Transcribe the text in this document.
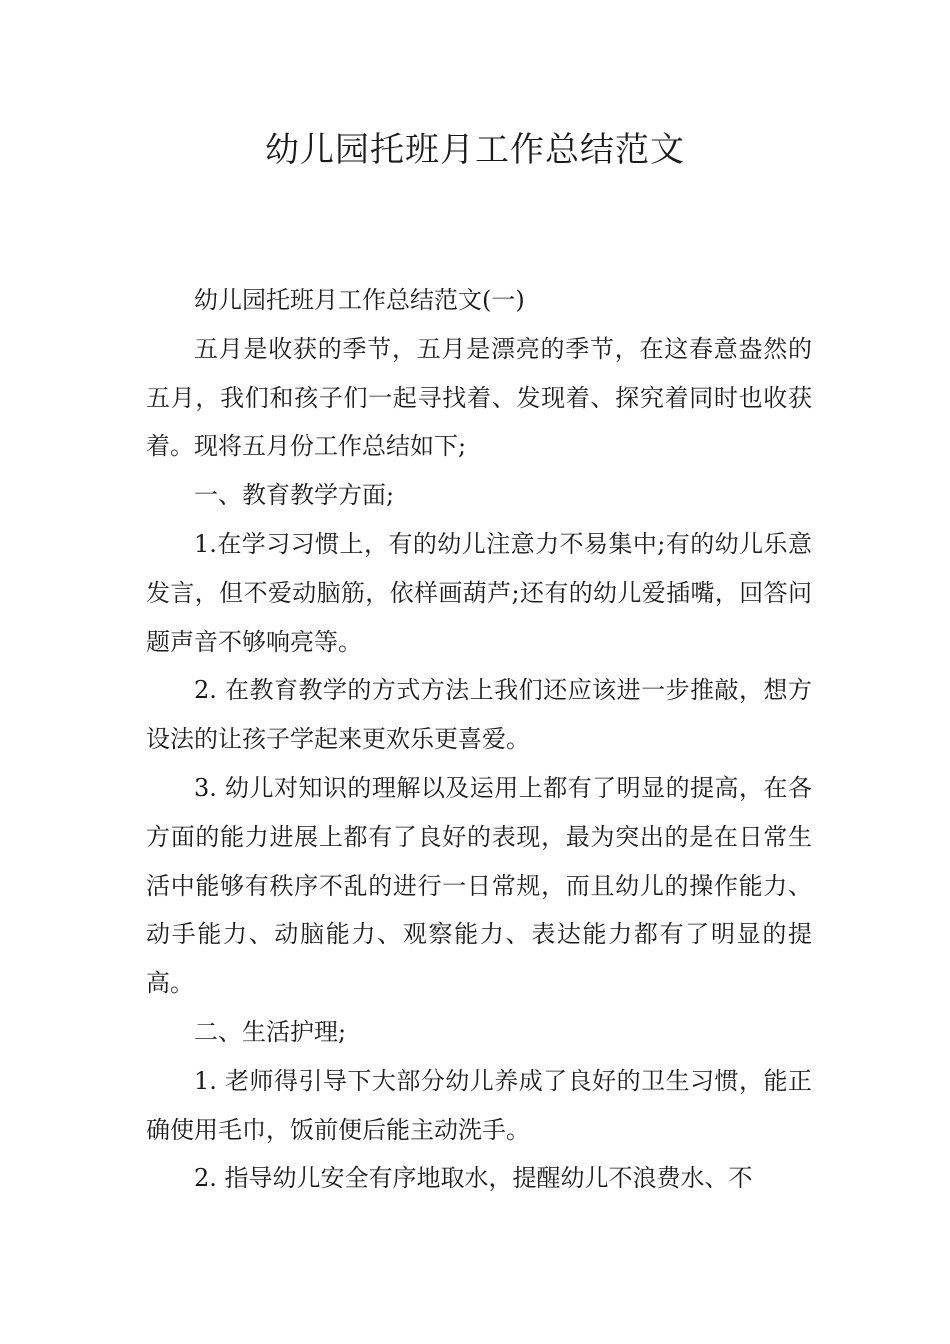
幼儿园托班月工作总结范文

幼儿园托班月工作总结范文(一)

五月是收获的季节，五月是漂亮的季节，在这春意盎然的五月，我们和孩子们一起寻找着、发现着、探究着同时也收获着。现将五月份工作总结如下;

一、教育教学方面;

1.在学习习惯上，有的幼儿注意力不易集中;有的幼儿乐意发言，但不爱动脑筋，依样画葫芦;还有的幼儿爱插嘴，回答问题声音不够响亮等。

2. 在教育教学的方式方法上我们还应该进一步推敲，想方设法的让孩子学起来更欢乐更喜爱。

3. 幼儿对知识的理解以及运用上都有了明显的提高，在各方面的能力进展上都有了良好的表现，最为突出的是在日常生活中能够有秩序不乱的进行一日常规，而且幼儿的操作能力、动手能力、动脑能力、观察能力、表达能力都有了明显的提高。

二、生活护理;

1. 老师得引导下大部分幼儿养成了良好的卫生习惯，能正确使用毛巾，饭前便后能主动洗手。

2. 指导幼儿安全有序地取水，提醒幼儿不浪费水、不
